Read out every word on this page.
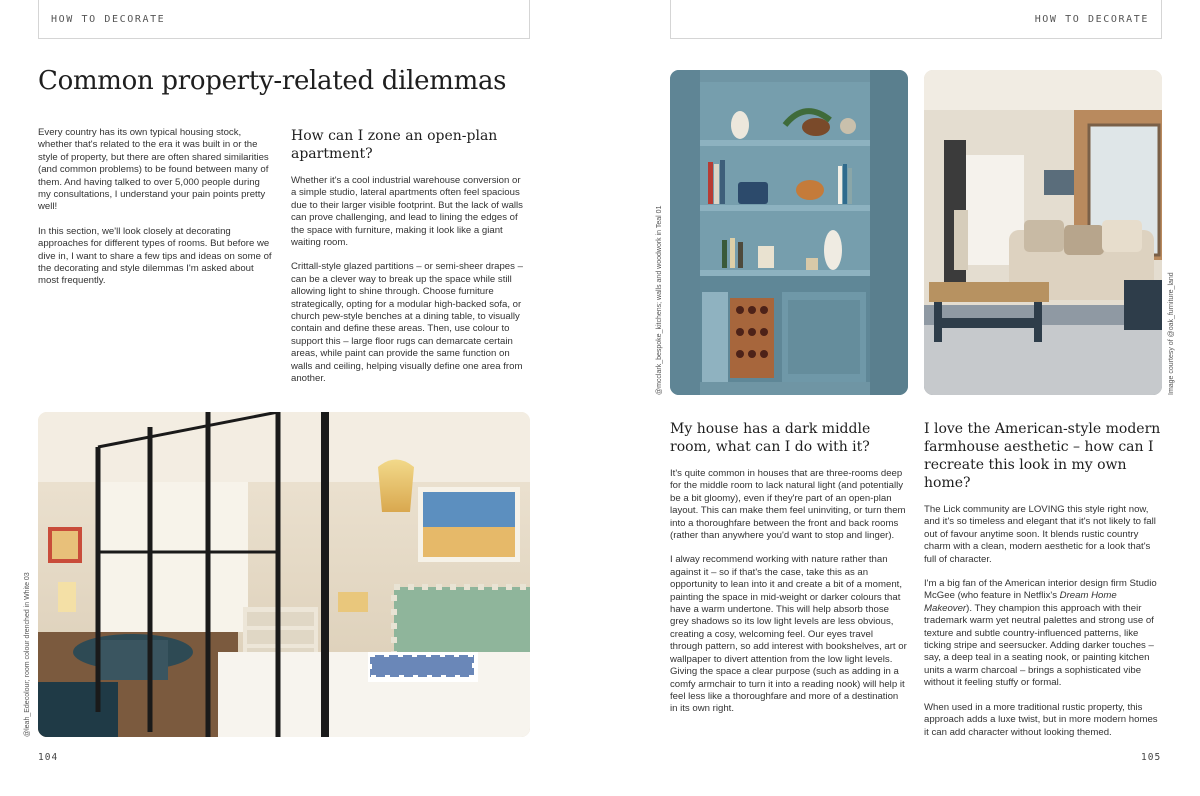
HOW TO DECORATE	HOW TO DECORATE
Common property-related dilemmas

Every country has its own typical housing stock, whether that's related to the era it was built in or the style of property, but there are often shared similarities (and common problems) to be found between many of them. And having talked to over 5,000 people during my consultations, I understand your pain points pretty well!

In this section, we'll look closely at decorating approaches for different types of rooms. But before we dive in, I want to share a few tips and ideas on some of the decorating and style dilemmas I'm asked about most frequently.

How can I zone an open-plan apartment?

Whether it's a cool industrial warehouse conversion or a simple studio, lateral apartments often feel spacious due to their larger visible footprint. But the lack of walls can prove challenging, and lead to lining the edges of the space with furniture, making it look like a giant waiting room.

Crittall-style glazed partitions – or semi-sheer drapes – can be a clever way to break up the space while still allowing light to shine through. Choose furniture strategically, opting for a modular high-backed sofa, or church pew-style benches at a dining table, to visually contain and define these areas. Then, use colour to support this – large floor rugs can demarcate certain areas, while paint can provide the same function on walls and ceiling, helping visually define one area from another.

@leah_Edecolour; room colour drenched in White 03
104
@mcclark_bespoke_kitchens; walls and woodwork in Teal 01	Image courtesy of @oak_furniture_land
My house has a dark middle room, what can I do with it?

It's quite common in houses that are three-rooms deep for the middle room to lack natural light (and potentially be a bit gloomy), even if they're part of an open-plan layout. This can make them feel uninviting, or turn them into a thoroughfare between the front and back rooms (rather than anywhere you'd want to stop and linger).

I alway recommend working with nature rather than against it – so if that's the case, take this as an opportunity to lean into it and create a bit of a moment, painting the space in mid-weight or darker colours that have a warm undertone. This will help absorb those grey shadows so its low light levels are less obvious, creating a cosy, welcoming feel. Our eyes travel through pattern, so add interest with bookshelves, art or wallpaper to divert attention from the low light levels. Giving the space a clear purpose (such as adding in a comfy armchair to turn it into a reading nook) will help it feel less like a thoroughfare and more of a destination in its own right.

I love the American-style modern farmhouse aesthetic – how can I recreate this look in my own home?

The Lick community are LOVING this style right now, and it's so timeless and elegant that it's not likely to fall out of favour anytime soon. It blends rustic country charm with a clean, modern aesthetic for a look that's full of character.

I'm a big fan of the American interior design firm Studio McGee (who feature in Netflix's Dream Home Makeover). They champion this approach with their trademark warm yet neutral palettes and strong use of texture and subtle country-influenced patterns, like ticking stripe and seersucker. Adding darker touches – say, a deep teal in a seating nook, or painting kitchen units a warm charcoal – brings a sophisticated vibe without it feeling stuffy or formal.

When used in a more traditional rustic property, this approach adds a luxe twist, but in more modern homes it can add character without looking themed.

105
